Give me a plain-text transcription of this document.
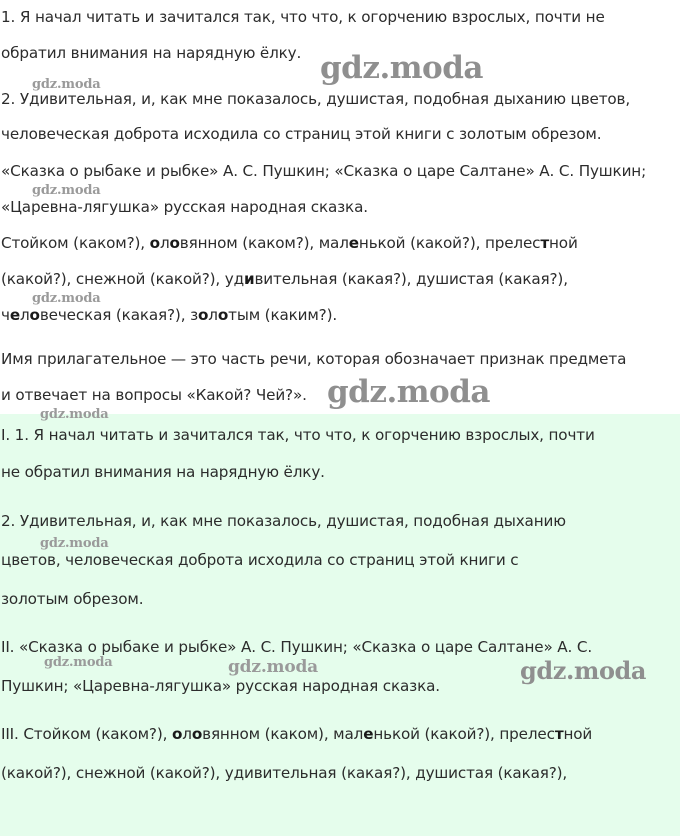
1. Я начал читать и зачитался так, что что, к огорчению взрослых, почти не

обратил внимания на нарядную ёлку.

2. Удивительная, и, как мне показалось, душистая, подобная дыханию цветов,

человеческая доброта исходила со страниц этой книги с золотым обрезом.

«Сказка о рыбаке и рыбке» А. С. Пушкин; «Сказка о царе Салтане» А. С. Пушкин;

«Царевна-лягушка» русская народная сказка.

Стойком (каком?), оловянном (каком?), маленькой (какой?), прелестной

(какой?), снежной (какой?), удивительная (какая?), душистая (какая?),

человеческая (какая?), золотым (каким?).

Имя прилагательное — это часть речи, которая обозначает признак предмета

и отвечает на вопросы «Какой? Чей?».

I. 1. Я начал читать и зачитался так, что что, к огорчению взрослых, почти

не обратил внимания на нарядную ёлку.

2. Удивительная, и, как мне показалось, душистая, подобная дыханию

цветов, человеческая доброта исходила со страниц этой книги с

золотым обрезом.

II. «Сказка о рыбаке и рыбке» А. С. Пушкин; «Сказка о царе Салтане» А. С.

Пушкин; «Царевна-лягушка» русская народная сказка.

III. Стойком (каком?), оловянном (каком), маленькой (какой?), прелестной

(какой?), снежной (какой?), удивительная (какая?), душистая (какая?),

gdz.moda
gdz.moda
gdz.moda
gdz.moda
gdz.moda
gdz.moda
gdz.moda
gdz.moda
gdz.moda	gdz.moda
